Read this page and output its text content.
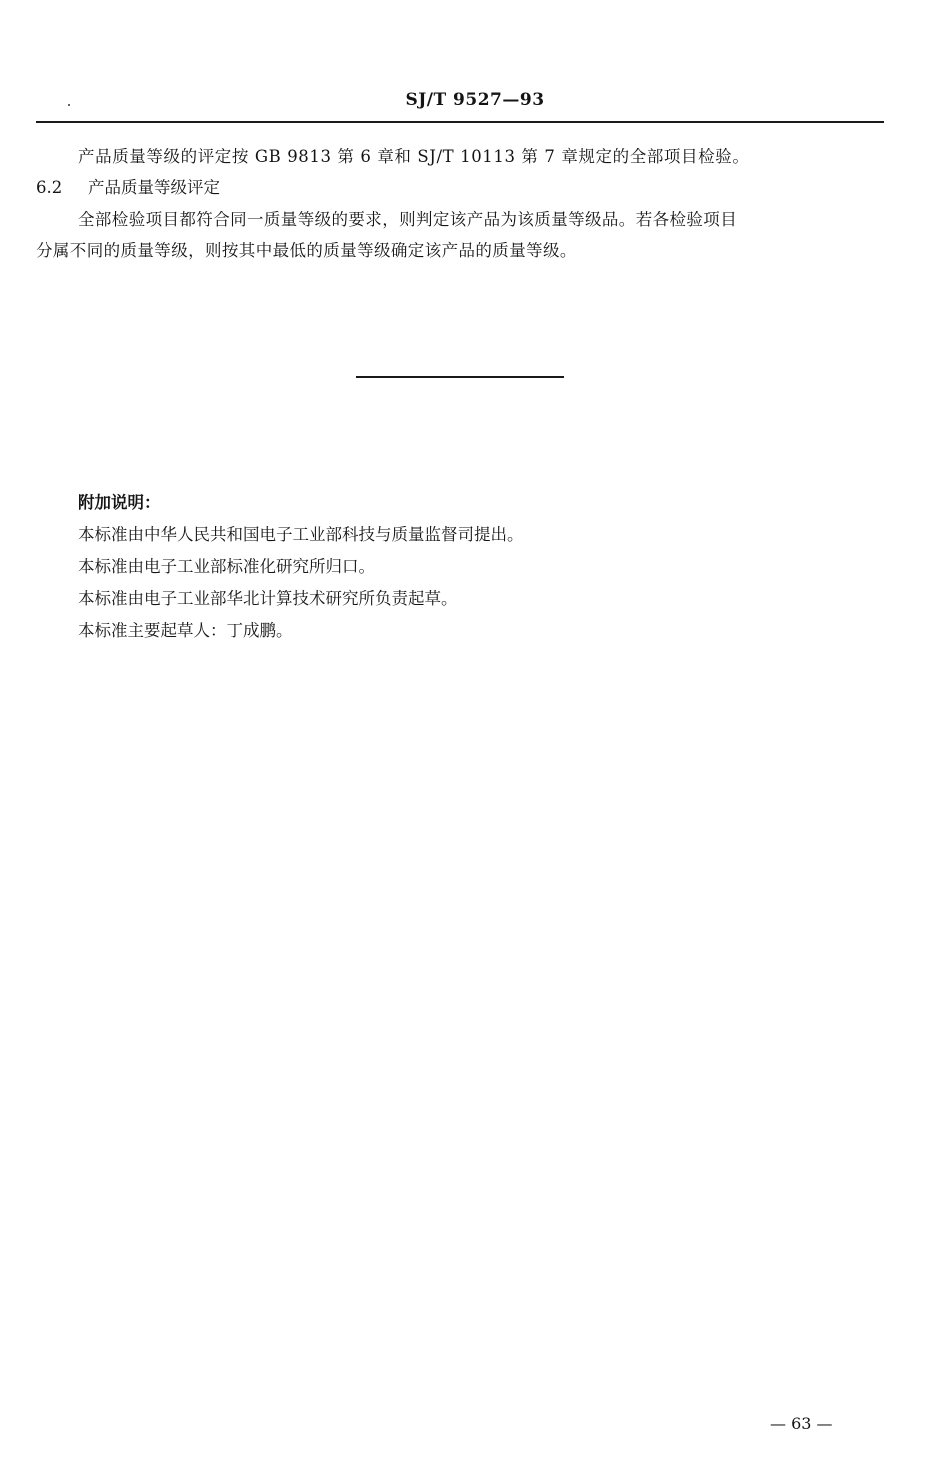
SJ/T 9527—93
产品质量等级的评定按 GB 9813 第 6 章和 SJ/T 10113 第 7 章规定的全部项目检验。
6.2 产品质量等级评定
全部检验项目都符合同一质量等级的要求，则判定该产品为该质量等级品。若各检验项目
分属不同的质量等级，则按其中最低的质量等级确定该产品的质量等级。
附加说明：
本标准由中华人民共和国电子工业部科技与质量监督司提出。
本标准由电子工业部标准化研究所归口。
本标准由电子工业部华北计算技术研究所负责起草。
本标准主要起草人：丁成鹏。
— 63 —
